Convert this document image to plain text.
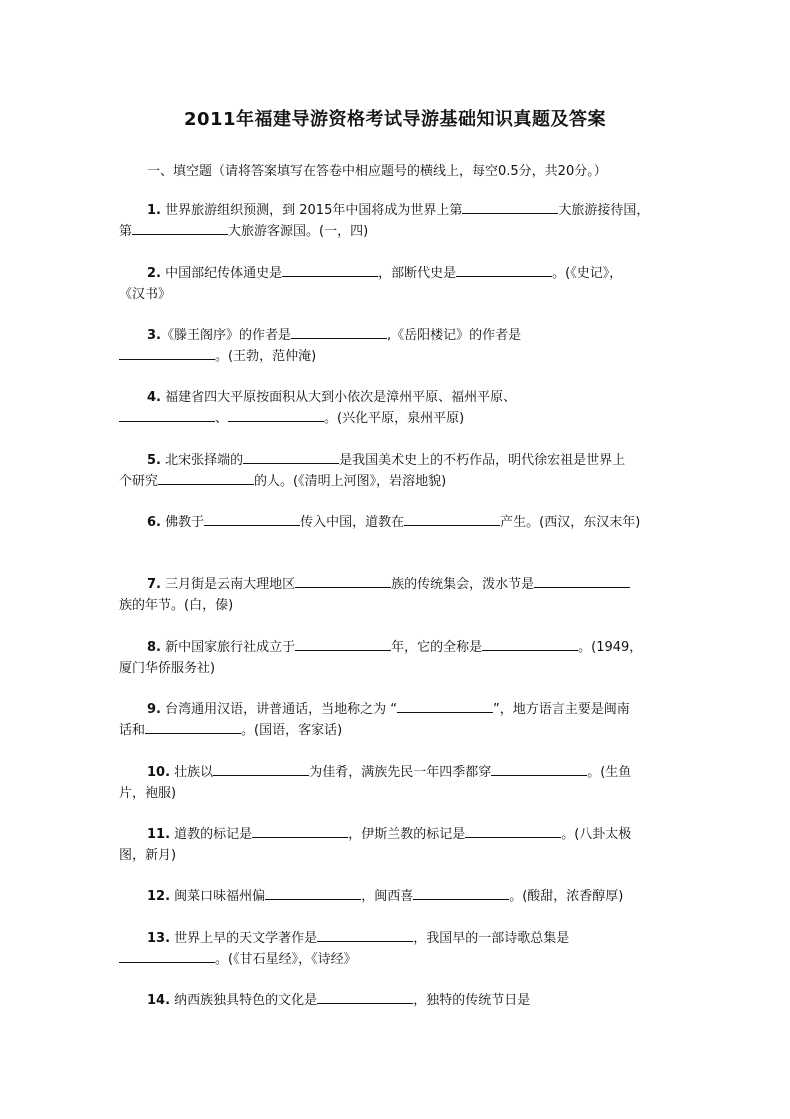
2011年福建导游资格考试导游基础知识真题及答案
一、填空题（请将答案填写在答卷中相应题号的横线上，每空0.5分，共20分。）
1. 世界旅游组织预测，到 2015年中国将成为世界上第	大旅游接待国，
第	大旅游客源国。(一，四)
2. 中国部纪传体通史是	，部断代史是	。(《史记》，
《汉书》
3.《滕王阁序》的作者是	,《岳阳楼记》的作者是
。(王勃，范仲淹)
4. 福建省四大平原按面积从大到小依次是漳州平原、福州平原、
、	。(兴化平原，泉州平原)
5. 北宋张择端的	是我国美术史上的不朽作品，明代徐宏祖是世界上
个研究	的人。(《清明上河图》，岩溶地貌)
6. 佛教于	传入中国，道教在	产生。(西汉，东汉末年)
7. 三月街是云南大理地区	族的传统集会，泼水节是
族的年节。(白，傣)
8. 新中国家旅行社成立于	年，它的全称是	。(1949，
厦门华侨服务社)
9. 台湾通用汉语，讲普通话，当地称之为 “	”，地方语言主要是闽南
话和	。(国语，客家话)
10. 壮族以	为佳肴，满族先民一年四季都穿	。(生鱼
片，袍服)
11. 道教的标记是	，伊斯兰教的标记是	。(八卦太极
图，新月)
12. 闽菜口味福州偏	，闽西喜	。(酸甜，浓香醇厚)
13. 世界上早的天文学著作是	，我国早的一部诗歌总集是
。(《甘石星经》，《诗经》
14. 纳西族独具特色的文化是	，独特的传统节日是
